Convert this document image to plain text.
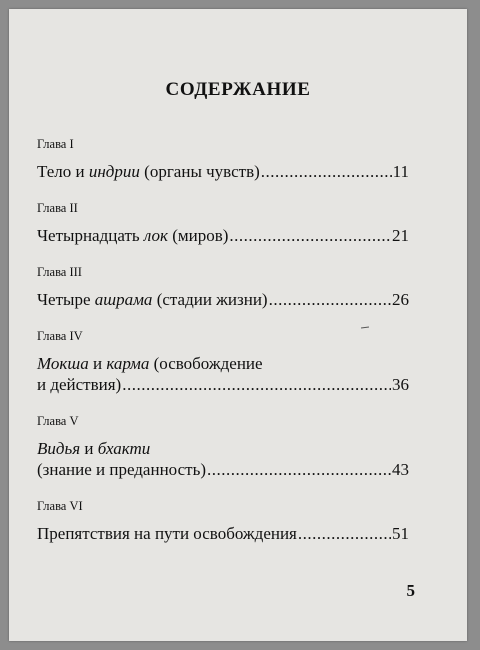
СОДЕРЖАНИЕ
Глава I
Тело и индрии (органы чувств) .....	11
Глава II
Четырнадцать лок (миров) .....	21
Глава III
Четыре ашрама (стадии жизни) .....	26
Глава IV
Мокша и карма (освобождение
и действия) .....	36
Глава V
Видья и бхакти
(знание и преданность) .....	43
Глава VI
Препятствия на пути освобождения .....	51
5
